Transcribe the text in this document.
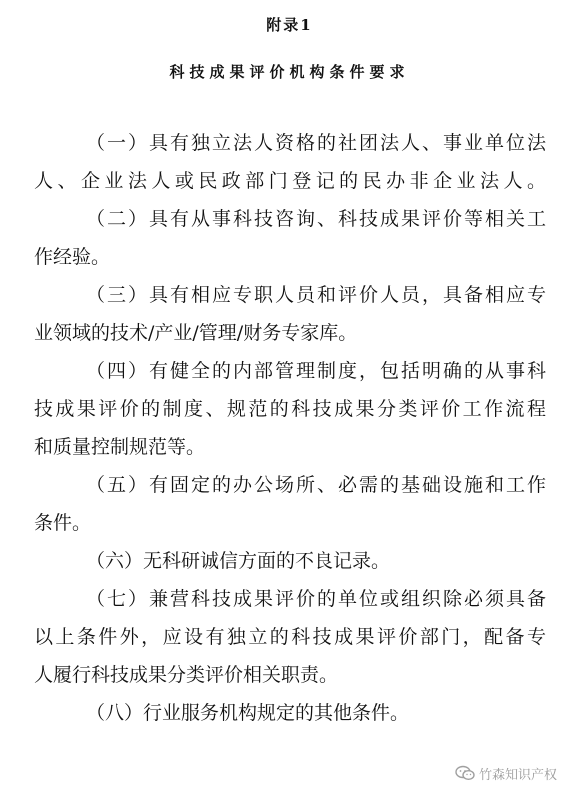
附录1
科技成果评价机构条件要求
（一）具有独立法人资格的社团法人、事业单位法
人、企业法人或民政部门登记的民办非企业法人。
（二）具有从事科技咨询、科技成果评价等相关工
作经验。
（三）具有相应专职人员和评价人员，具备相应专
业领域的技术/产业/管理/财务专家库。
（四）有健全的内部管理制度，包括明确的从事科
技成果评价的制度、规范的科技成果分类评价工作流程
和质量控制规范等。
（五）有固定的办公场所、必需的基础设施和工作
条件。
（六）无科研诚信方面的不良记录。
（七）兼营科技成果评价的单位或组织除必须具备
以上条件外，应设有独立的科技成果评价部门，配备专
人履行科技成果分类评价相关职责。
（八）行业服务机构规定的其他条件。
竹森知识产权
